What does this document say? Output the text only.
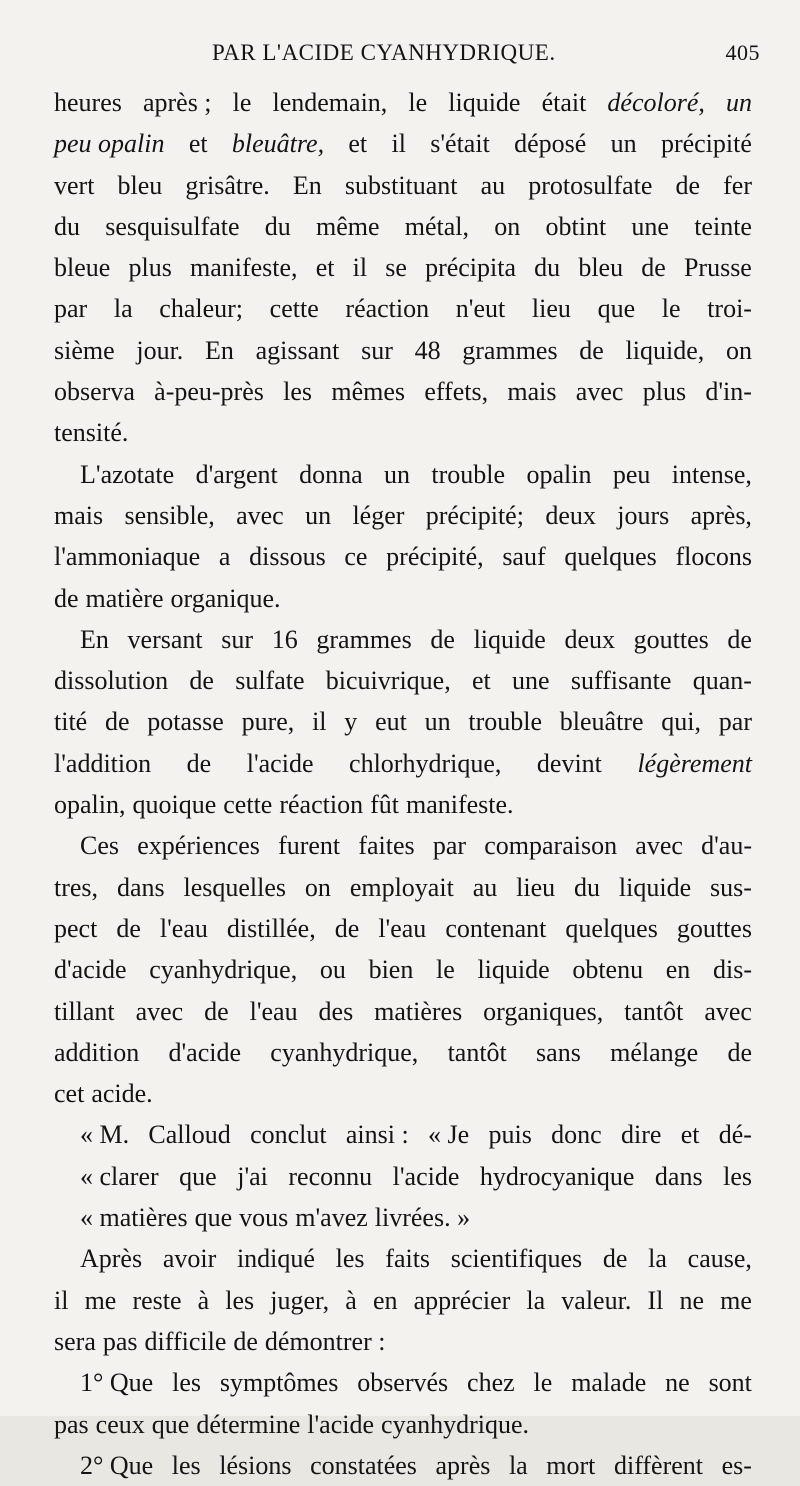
PAR L'ACIDE CYANHYDRIQUE.	405
heures après ; le lendemain, le liquide était décoloré, un
peu opalin et bleuâtre, et il s'était déposé un précipité
vert bleu grisâtre. En substituant au protosulfate de fer
du sesquisulfate du même métal, on obtint une teinte
bleue plus manifeste, et il se précipita du bleu de Prusse
par la chaleur; cette réaction n'eut lieu que le troi-
sième jour. En agissant sur 48 grammes de liquide, on
observa à-peu-près les mêmes effets, mais avec plus d'in-
tensité.
L'azotate d'argent donna un trouble opalin peu intense,
mais sensible, avec un léger précipité; deux jours après,
l'ammoniaque a dissous ce précipité, sauf quelques flocons
de matière organique.
En versant sur 16 grammes de liquide deux gouttes de
dissolution de sulfate bicuivrique, et une suffisante quan-
tité de potasse pure, il y eut un trouble bleuâtre qui, par
l'addition de l'acide chlorhydrique, devint légèrement
opalin, quoique cette réaction fût manifeste.
Ces expériences furent faites par comparaison avec d'au-
tres, dans lesquelles on employait au lieu du liquide sus-
pect de l'eau distillée, de l'eau contenant quelques gouttes
d'acide cyanhydrique, ou bien le liquide obtenu en dis-
tillant avec de l'eau des matières organiques, tantôt avec
addition d'acide cyanhydrique, tantôt sans mélange de
cet acide.
« M. Calloud conclut ainsi : « Je puis donc dire et dé-
« clarer que j'ai reconnu l'acide hydrocyanique dans les
« matières que vous m'avez livrées. »
Après avoir indiqué les faits scientifiques de la cause,
il me reste à les juger, à en apprécier la valeur. Il ne me
sera pas difficile de démontrer :
1° Que les symptômes observés chez le malade ne sont
pas ceux que détermine l'acide cyanhydrique.
2° Que les lésions constatées après la mort diffèrent es-
